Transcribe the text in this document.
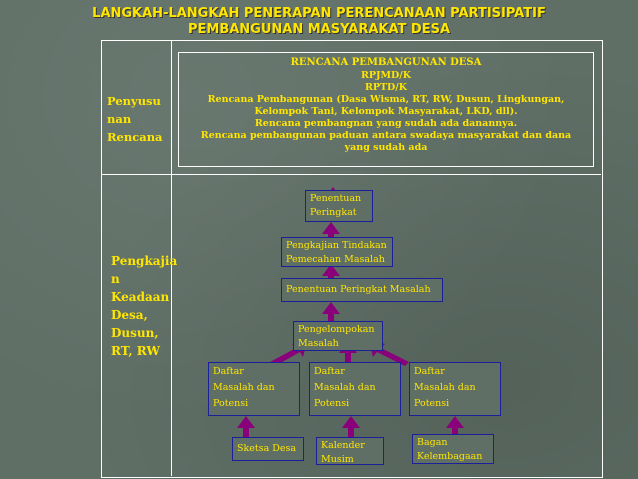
LANGKAH-LANGKAH PENERAPAN PERENCANAAN PARTISIPATIF
PEMBANGUNAN MASYARAKAT DESA
Penyusu
nan
Rencana
Pengkajia
n
Keadaan
Desa,
Dusun,
RT, RW
RENCANA PEMBANGUNAN DESA
RPJMD/K
RPTD/K
Rencana Pembangunan (Dasa Wisma, RT, RW, Dusun, Lingkungan,
Kelompok Tani, Kelompok Masyarakat, LKD, dll).
Rencana pembangnan yang sudah ada danannya.
Rencana pembangunan paduan antara swadaya masyarakat dan dana
yang sudah ada
Penentuan
Peringkat
Pengkajian Tindakan
Pemecahan Masalah
Penentuan Peringkat Masalah
Pengelompokan
Masalah
Daftar
Masalah dan
Potensi
Daftar
Masalah dan
Potensi
Daftar
Masalah dan
Potensi
Sketsa Desa	Kalender
Musim
Bagan
Kelembagaan
